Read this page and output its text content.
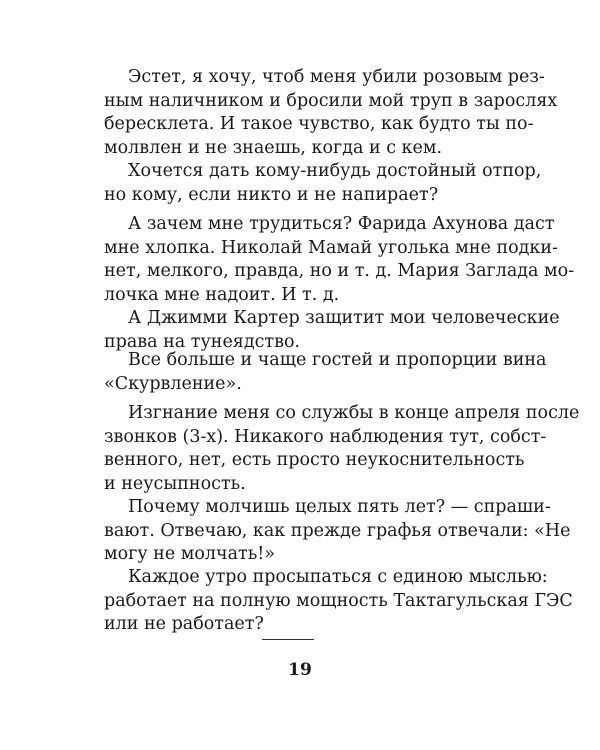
Эстет, я хочу, чтоб меня убили розовым рез-
ным наличником и бросили мой труп в зарослях
бересклета. И такое чувство, как будто ты по-
молвлен и не знаешь, когда и с кем.
Хочется дать кому-нибудь достойный отпор,
но кому, если никто и не напирает?
А зачем мне трудиться? Фарида Ахунова даст
мне хлопка. Николай Мамай уголька мне подки-
нет, мелкого, правда, но и т. д. Мария Заглада мо-
лочка мне надоит. И т. д.
А Джимми Картер защитит мои человеческие
права на тунеядство.
Все больше и чаще гостей и пропорции вина
«Скурвление».
Изгнание меня со службы в конце апреля после
звонков (3-х). Никакого наблюдения тут, собст-
венного, нет, есть просто неукоснительность
и неусыпность.
Почему молчишь целых пять лет? — спраши-
вают. Отвечаю, как прежде графья отвечали: «Не
могу не молчать!»
Каждое утро просыпаться с единою мыслью:
работает на полную мощность Тактагульская ГЭС
или не работает?
19
